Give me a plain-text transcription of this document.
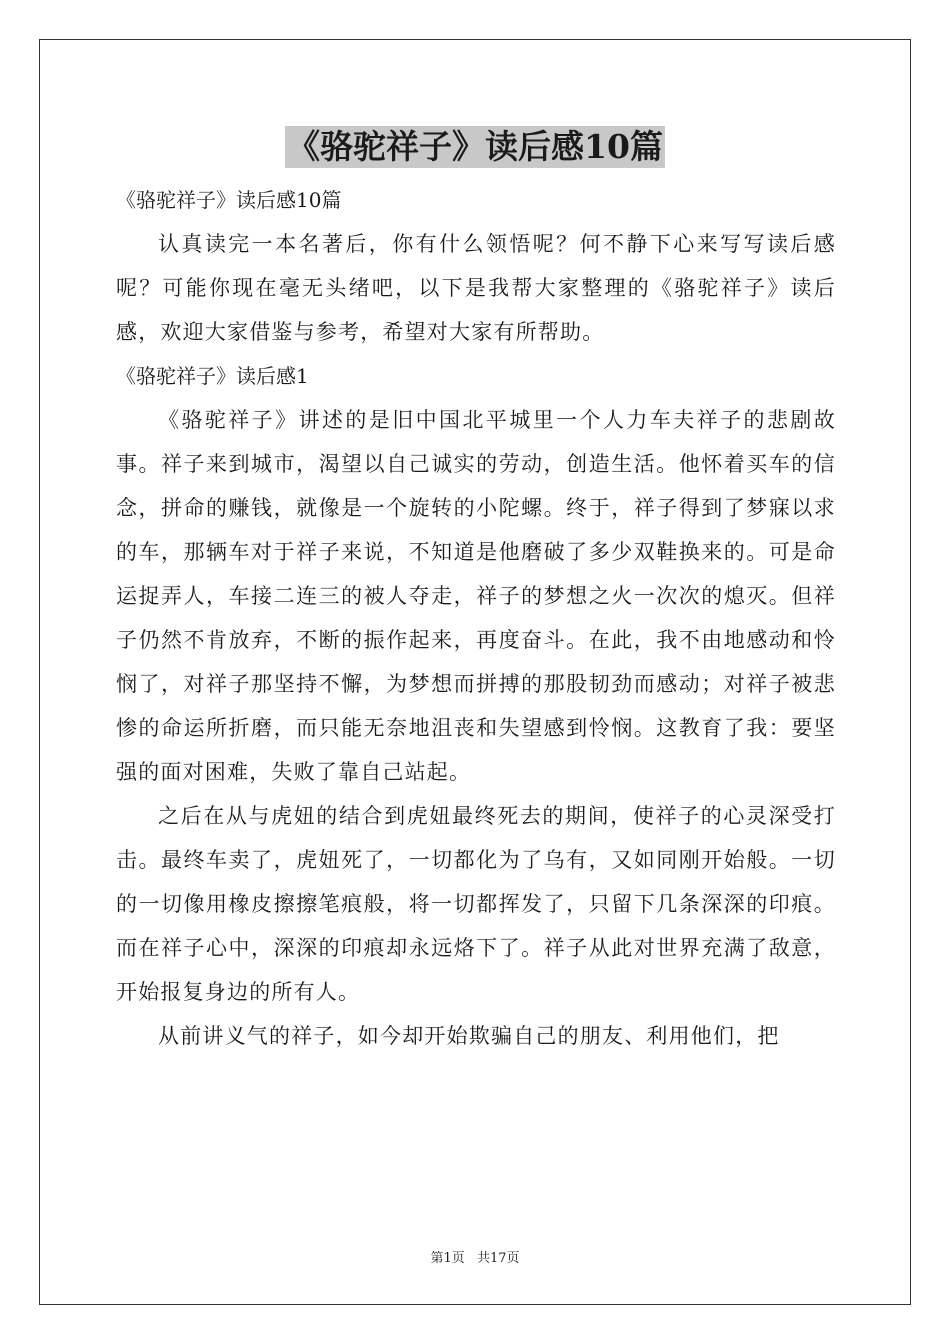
《骆驼祥子》读后感10篇

《骆驼祥子》读后感10篇

认真读完一本名著后，你有什么领悟呢？何不静下心来写写读后感呢？可能你现在毫无头绪吧，以下是我帮大家整理的《骆驼祥子》读后感，欢迎大家借鉴与参考，希望对大家有所帮助。

《骆驼祥子》读后感1

《骆驼祥子》讲述的是旧中国北平城里一个人力车夫祥子的悲剧故事。祥子来到城市，渴望以自己诚实的劳动，创造生活。他怀着买车的信念，拼命的赚钱，就像是一个旋转的小陀螺。终于，祥子得到了梦寐以求的车，那辆车对于祥子来说，不知道是他磨破了多少双鞋换来的。可是命运捉弄人，车接二连三的被人夺走，祥子的梦想之火一次次的熄灭。但祥子仍然不肯放弃，不断的振作起来，再度奋斗。在此，我不由地感动和怜悯了，对祥子那坚持不懈，为梦想而拼搏的那股韧劲而感动；对祥子被悲惨的命运所折磨，而只能无奈地沮丧和失望感到怜悯。这教育了我：要坚强的面对困难，失败了靠自己站起。

之后在从与虎妞的结合到虎妞最终死去的期间，使祥子的心灵深受打击。最终车卖了，虎妞死了，一切都化为了乌有，又如同刚开始般。一切的一切像用橡皮擦擦笔痕般，将一切都挥发了，只留下几条深深的印痕。而在祥子心中，深深的印痕却永远烙下了。祥子从此对世界充满了敌意，开始报复身边的所有人。

从前讲义气的祥子，如今却开始欺骗自己的朋友、利用他们，把

第1页 共17页
